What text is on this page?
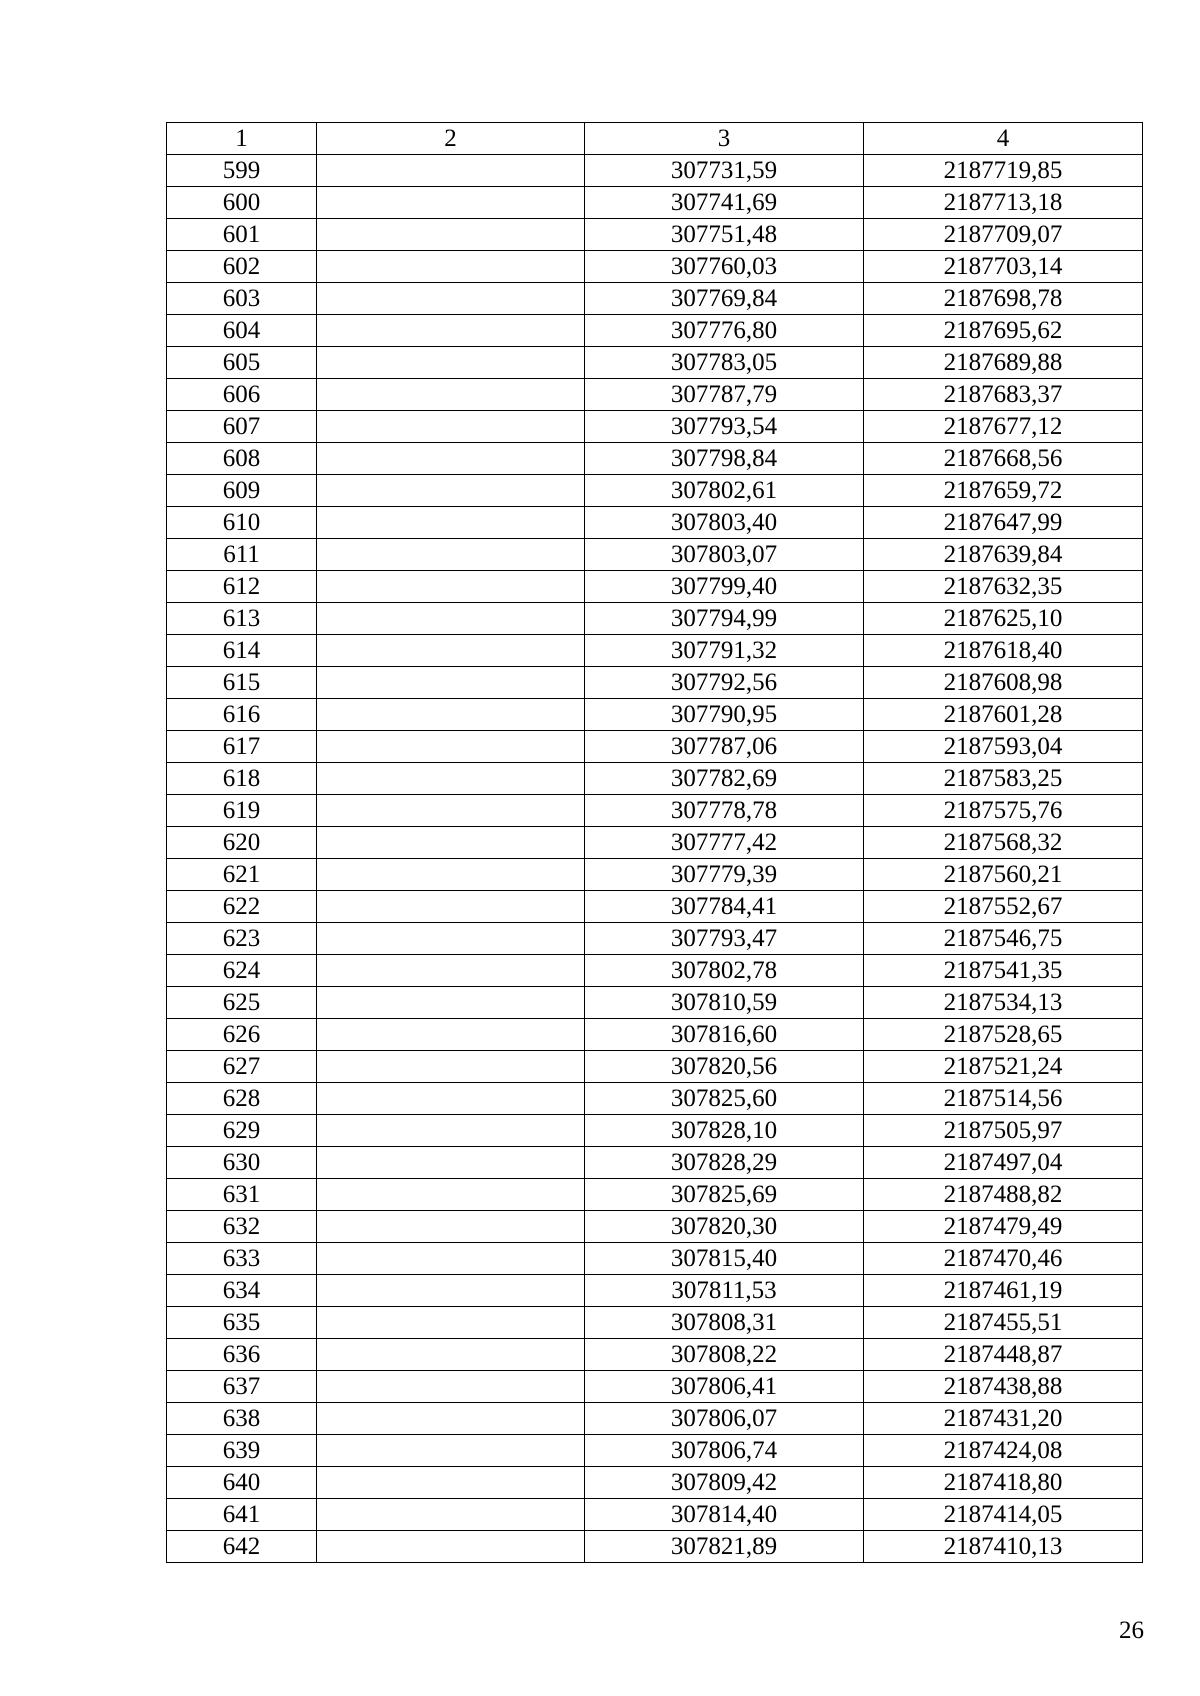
1	2	3	4
599		307731,59	2187719,85
600		307741,69	2187713,18
601		307751,48	2187709,07
602		307760,03	2187703,14
603		307769,84	2187698,78
604		307776,80	2187695,62
605		307783,05	2187689,88
606		307787,79	2187683,37
607		307793,54	2187677,12
608		307798,84	2187668,56
609		307802,61	2187659,72
610		307803,40	2187647,99
611		307803,07	2187639,84
612		307799,40	2187632,35
613		307794,99	2187625,10
614		307791,32	2187618,40
615		307792,56	2187608,98
616		307790,95	2187601,28
617		307787,06	2187593,04
618		307782,69	2187583,25
619		307778,78	2187575,76
620		307777,42	2187568,32
621		307779,39	2187560,21
622		307784,41	2187552,67
623		307793,47	2187546,75
624		307802,78	2187541,35
625		307810,59	2187534,13
626		307816,60	2187528,65
627		307820,56	2187521,24
628		307825,60	2187514,56
629		307828,10	2187505,97
630		307828,29	2187497,04
631		307825,69	2187488,82
632		307820,30	2187479,49
633		307815,40	2187470,46
634		307811,53	2187461,19
635		307808,31	2187455,51
636		307808,22	2187448,87
637		307806,41	2187438,88
638		307806,07	2187431,20
639		307806,74	2187424,08
640		307809,42	2187418,80
641		307814,40	2187414,05
642		307821,89	2187410,13
26
